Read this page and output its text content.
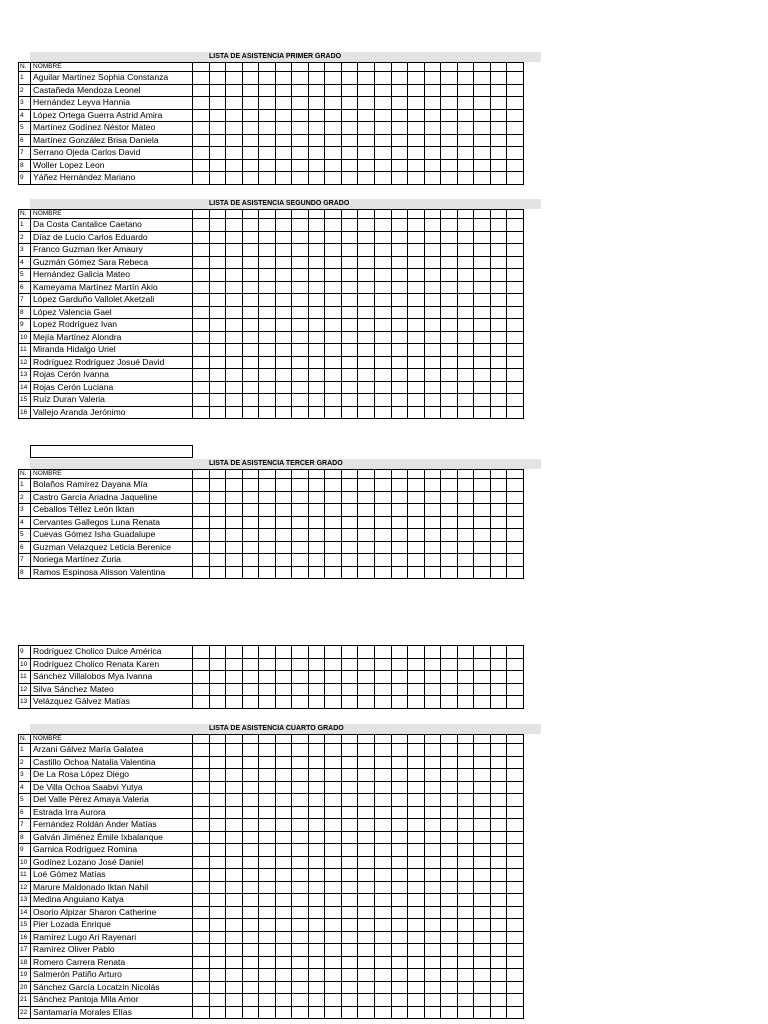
LISTA DE ASISTENCIA PRIMER GRADO
N.	NOMBRE																				
1	Aguilar Martínez Sophia Constanza																				
2	Castañeda Mendoza Leonel																				
3	Hernández Leyva Hannia																				
4	López Ortega Guerra Astrid Amira																				
5	Martínez Godínez Néstor Mateo																				
6	Martínez González Brisa Daniela																				
7	Serrano Ojeda Carlos David																				
8	Woller Lopez Leon																				
9	Yáñez Hernández Mariano																				
LISTA DE ASISTENCIA SEGUNDO GRADO
N.	NOMBRE																				
1	Da Costa Cantalice Caetano																				
2	Díaz de Lucio Carlos Eduardo																				
3	Franco Guzman Iker Amaury																				
4	Guzmán Gómez Sara Rebeca																				
5	Hernández Galicia Mateo																				
6	Kameyama Martínez Martín Akio																				
7	López Garduño Vallolet Aketzali																				
8	López Valencia Gael																				
9	Lopez Rodríguez Ivan																				
10	Mejía Martínez Alondra																				
11	Miranda Hidalgo Uriel																				
12	Rodríguez Rodríguez Josué David																				
13	Rojas Cerón Ivanna																				
14	Rojas Cerón Luciana																				
15	Ruíz Duran Valeria																				
16	Vallejo Aranda Jerónimo																				
LISTA DE ASISTENCIA TERCER GRADO
N.	NOMBRE																				
1	Bolaños Ramírez Dayana Mía																				
2	Castro García Ariadna Jaqueline																				
3	Ceballos Téllez León Iktan																				
4	Cervantes Gallegos Luna Renata																				
5	Cuevas Gómez Isha Guadalupe																				
6	Guzman Velazquez Leticia Berenice																				
7	Noriega Martínez Zuria																				
8	Ramos Espinosa Alisson Valentina																				
9	Rodríguez Cholico Dulce América																				
10	Rodríguez Cholico Renata Karen																				
11	Sánchez Villalobos Mya Ivanna																				
12	Silva Sánchez Mateo																				
13	Velázquez Gálvez Matías																				
LISTA DE ASISTENCIA CUARTO GRADO
N.	NOMBRE																				
1	Arzani Gálvez María Galatea																				
2	Castillo Ochoa Natalia Valentina																				
3	De La Rosa López Diego																				
4	De Villa Ochoa Saabvi Yutya																				
5	Del Valle Pérez Amaya Valeria																				
6	Estrada Irra Aurora																				
7	Fernández Roldán Ander Matías																				
8	Galván Jiménez Émile Ixbalanque																				
9	Garnica Rodríguez Romina																				
10	Godínez Lozano José Daniel																				
11	Loé Gómez Matías																				
12	Marure Maldonado Iktan Nahil																				
13	Medina Anguiano Katya																				
14	Osorio Alpizar Sharon Catherine																				
15	Pier Lozada Enrique																				
16	Ramírez Lugo Ari Rayenari																				
17	Ramírez Oliver Pablo																				
18	Romero Carrera Renata																				
19	Salmerón Patiño Arturo																				
20	Sánchez García Locatzin Nicolás																				
21	Sánchez Pantoja Mila Amor																				
22	Santamaría Morales Elías																				
